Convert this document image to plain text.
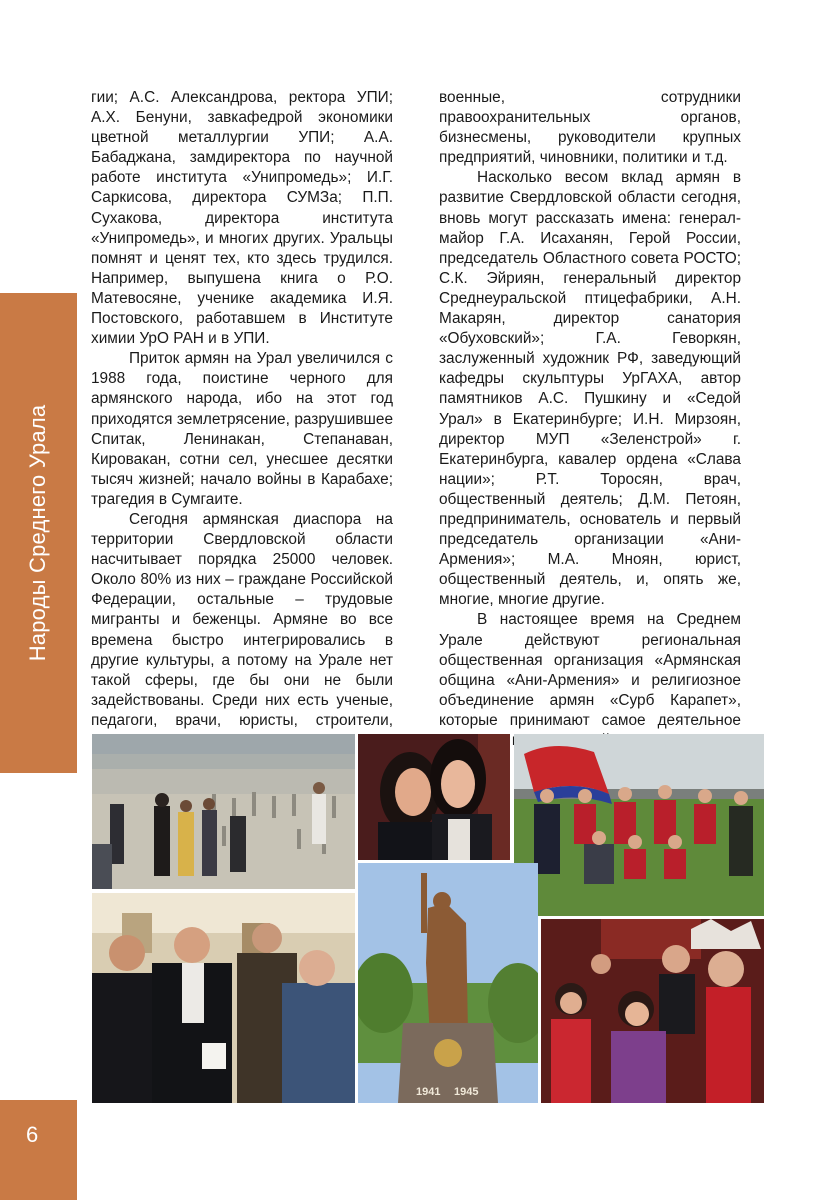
Народы Среднего Урала
6

гии; А.С. Александрова, ректора УПИ; А.Х. Бенуни, завкафедрой экономики цветной металлургии УПИ; А.А. Бабаджана, замдиректора по научной работе института «Унипромедь»; И.Г. Саркисова, директора СУМЗа; П.П. Сухакова, директора института «Унипромедь», и многих других. Уральцы помнят и ценят тех, кто здесь трудился. Например, выпушена книга о Р.О. Матевосяне, ученике академика И.Я. Постовского, работавшем в Институте химии УрО РАН и в УПИ.

Приток армян на Урал увеличился с 1988 года, поистине черного для армянского народа, ибо на этот год приходятся землетрясение, разрушившее Спитак, Ленинакан, Степанаван, Кировакан, сотни сел, унесшее десятки тысяч жизней; начало войны в Карабахе; трагедия в Сумгаите.

Сегодня армянская диаспора на территории Свердловской области насчитывает порядка 25000 человек. Около 80% из них – граждане Российской Федерации, остальные – трудовые мигранты и беженцы. Армяне во все времена быстро интегрировались в другие культуры, а потому на Урале нет такой сферы, где бы они не были задействованы. Среди них есть ученые, педагоги, врачи, юристы, строители,

военные, сотрудники правоохранительных органов, бизнесмены, руководители крупных предприятий, чиновники, политики и т.д.

Насколько весом вклад армян в развитие Свердловской области сегодня, вновь могут рассказать имена: генерал-майор Г.А. Исаханян, Герой России, председатель Областного совета РОСТО; С.К. Эйриян, генеральный директор Среднеуральской птицефабрики, А.Н. Макарян, директор санатория «Обуховский»; Г.А. Геворкян, заслуженный художник РФ, заведующий кафедры скульптуры УрГАХА, автор памятников А.С. Пушкину и «Седой Урал» в Екатеринбурге; И.Н. Мирзоян, директор МУП «Зеленстрой» г. Екатеринбурга, кавалер ордена «Слава нации»; Р.Т. Торосян, врач, общественный деятель; Д.М. Петоян, предприниматель, основатель и первый председатель организации «Ани-Армения»; М.А. Мноян, юрист, общественный деятель, и, опять же, многие, многие другие.

В настоящее время на Среднем Урале действуют региональная общественная организация «Армянская община «Ани-Армения» и религиозное объединение армян «Сурб Карапет», которые принимают самое деятельное

1941 1945
